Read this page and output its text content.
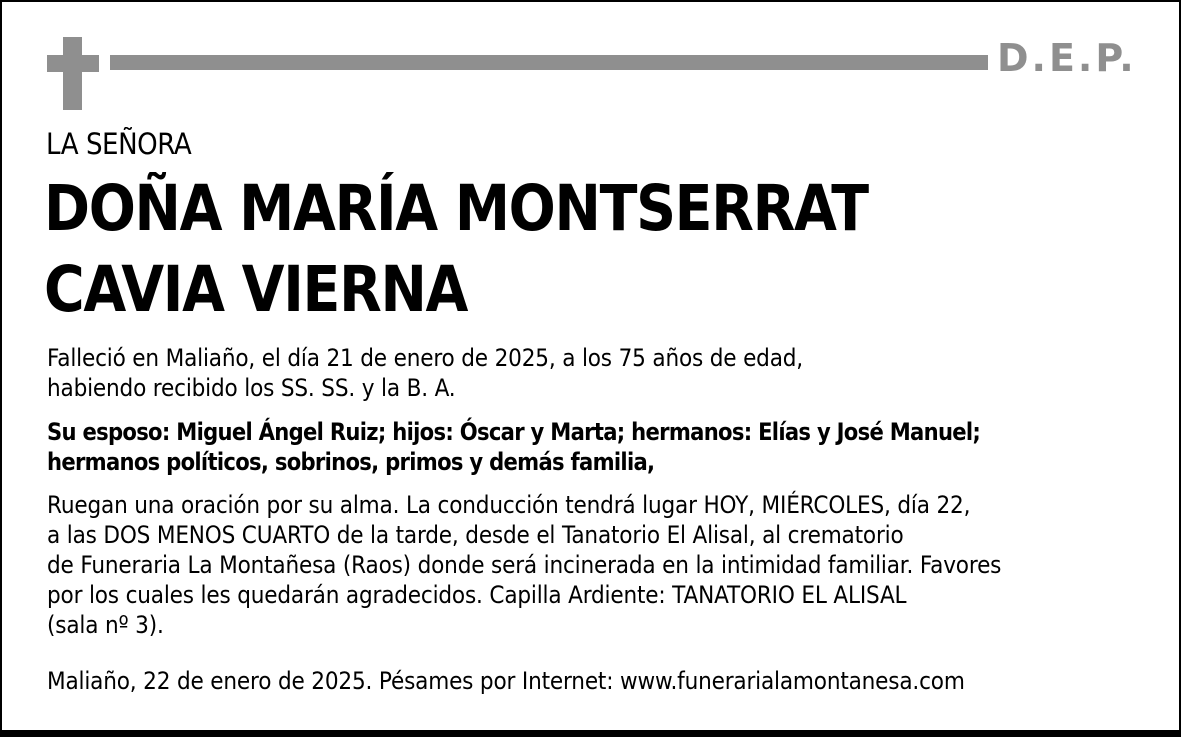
D.E.P.
LA SEÑORA
DOÑA MARÍA MONTSERRAT
CAVIA VIERNA
Falleció en Maliaño, el día 21 de enero de 2025, a los 75 años de edad,
habiendo recibido los SS. SS. y la B. A.
Su esposo: Miguel Ángel Ruiz; hijos: Óscar y Marta; hermanos: Elías y José Manuel;
hermanos políticos, sobrinos, primos y demás familia,
Ruegan una oración por su alma. La conducción tendrá lugar HOY, MIÉRCOLES, día 22,
a las DOS MENOS CUARTO de la tarde, desde el Tanatorio El Alisal, al crematorio
de Funeraria La Montañesa (Raos) donde será incinerada en la intimidad familiar. Favores
por los cuales les quedarán agradecidos. Capilla Ardiente: TANATORIO EL ALISAL
(sala nº 3).
Maliaño, 22 de enero de 2025. Pésames por Internet: www.funerarialamontanesa.com
